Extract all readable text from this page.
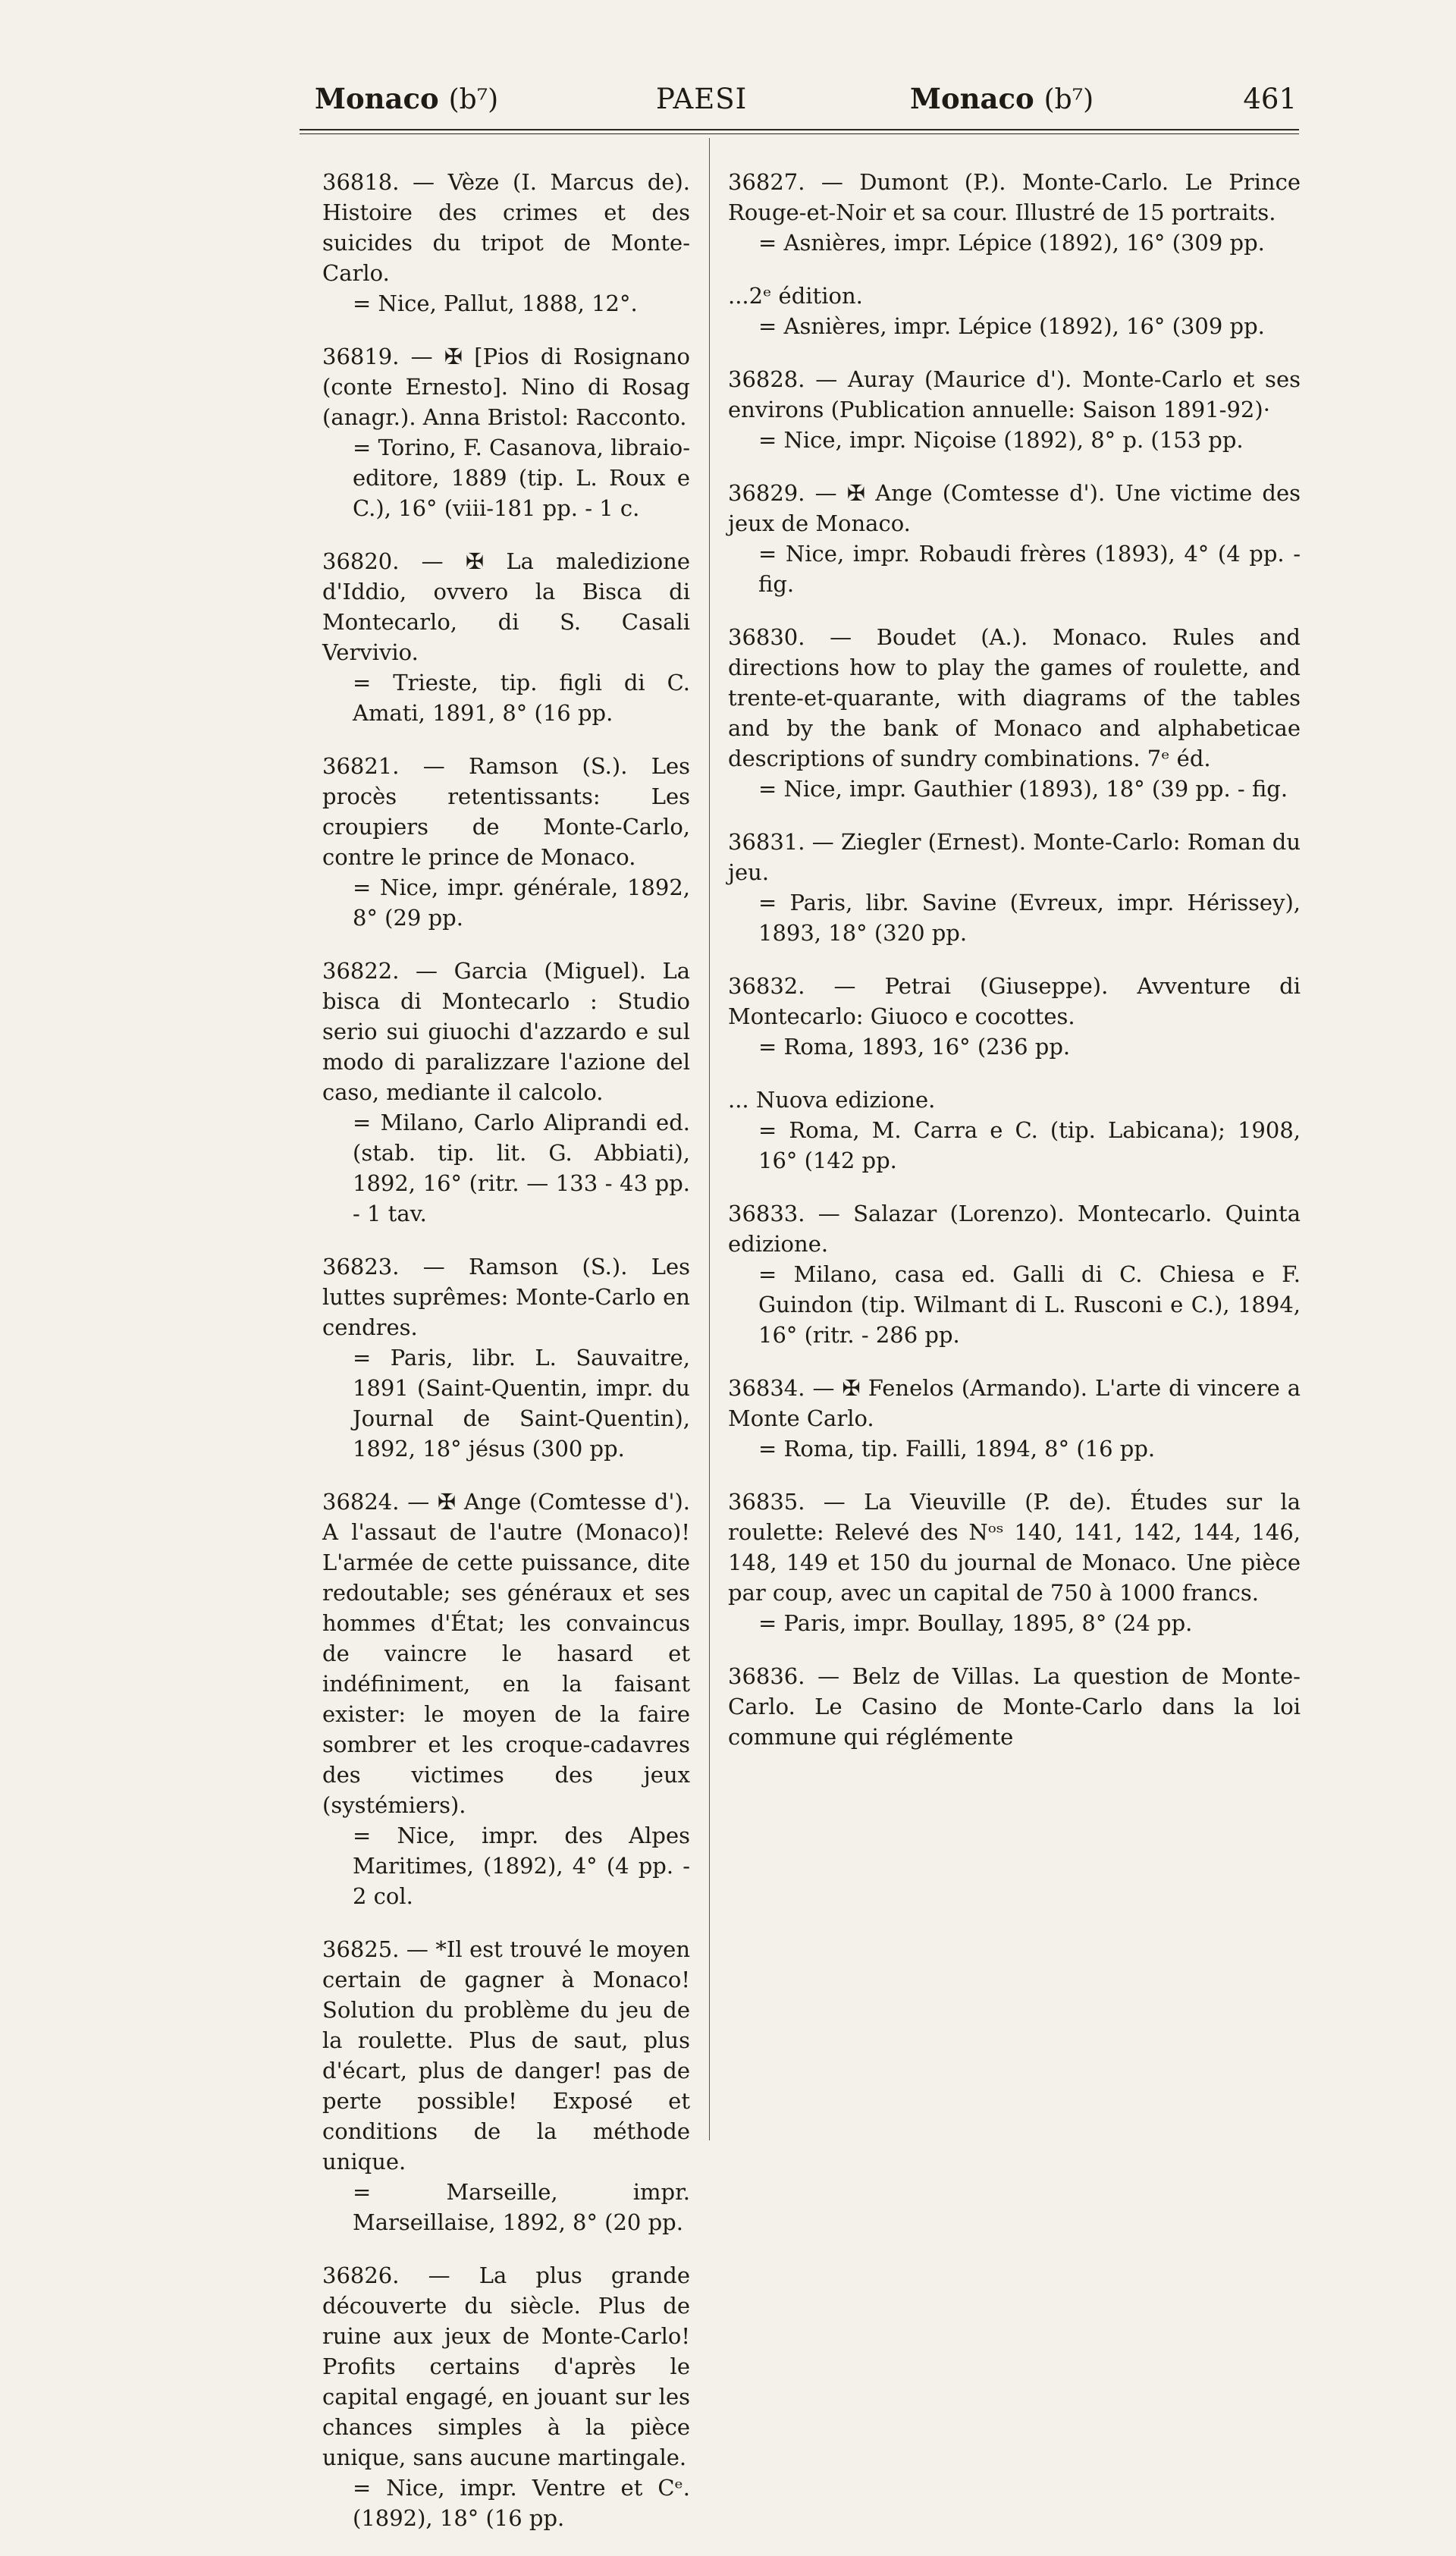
Monaco (b⁷)	PAESI	Monaco (b⁷)	461
36818. — Vèze (I. Marcus de). Histoire des crimes et des suicides du tripot de Monte-Carlo.
= Nice, Pallut, 1888, 12°.
36819. — ✠ [Pios di Rosignano (conte Ernesto]. Nino di Rosag (anagr.). Anna Bristol: Racconto.
= Torino, F. Casanova, libraio-editore, 1889 (tip. L. Roux e C.), 16° (viii-181 pp. - 1 c.
36820. — ✠ La maledizione d'Iddio, ovvero la Bisca di Montecarlo, di S. Casali Vervivio.
= Trieste, tip. figli di C. Amati, 1891, 8° (16 pp.
36821. — Ramson (S.). Les procès retentissants: Les croupiers de Monte-Carlo, contre le prince de Monaco.
= Nice, impr. générale, 1892, 8° (29 pp.
36822. — Garcia (Miguel). La bisca di Montecarlo : Studio serio sui giuochi d'azzardo e sul modo di paralizzare l'azione del caso, mediante il calcolo.
= Milano, Carlo Aliprandi ed. (stab. tip. lit. G. Abbiati), 1892, 16° (ritr. — 133 - 43 pp. - 1 tav.
36823. — Ramson (S.). Les luttes suprêmes: Monte-Carlo en cendres.
= Paris, libr. L. Sauvaitre, 1891 (Saint-Quentin, impr. du Journal de Saint-Quentin), 1892, 18° jésus (300 pp.
36824. — ✠ Ange (Comtesse d'). A l'assaut de l'autre (Monaco)! L'armée de cette puissance, dite redoutable; ses généraux et ses hommes d'État; les convaincus de vaincre le hasard et indéfiniment, en la faisant exister: le moyen de la faire sombrer et les croque-cadavres des victimes des jeux (systémiers).
= Nice, impr. des Alpes Maritimes, (1892), 4° (4 pp. - 2 col.
36825. — *Il est trouvé le moyen certain de gagner à Monaco! Solution du problème du jeu de la roulette. Plus de saut, plus d'écart, plus de danger! pas de perte possible! Exposé et conditions de la méthode unique.
= Marseille, impr. Marseillaise, 1892, 8° (20 pp.
36826. — La plus grande découverte du siècle. Plus de ruine aux jeux de Monte-Carlo! Profits certains d'après le capital engagé, en jouant sur les chances simples à la pièce unique, sans aucune martingale.
= Nice, impr. Ventre et Cᵉ. (1892), 18° (16 pp.
36827. — Dumont (P.). Monte-Carlo. Le Prince Rouge-et-Noir et sa cour. Illustré de 15 portraits.
= Asnières, impr. Lépice (1892), 16° (309 pp.
...2ᵉ édition.
= Asnières, impr. Lépice (1892), 16° (309 pp.
36828. — Auray (Maurice d'). Monte-Carlo et ses environs (Publication annuelle: Saison 1891-92)·
= Nice, impr. Niçoise (1892), 8° p. (153 pp.
36829. — ✠ Ange (Comtesse d'). Une victime des jeux de Monaco.
= Nice, impr. Robaudi frères (1893), 4° (4 pp. - fig.
36830. — Boudet (A.). Monaco. Rules and directions how to play the games of roulette, and trente-et-quarante, with diagrams of the tables and by the bank of Monaco and alphabeticae descriptions of sundry combinations. 7ᵉ éd.
= Nice, impr. Gauthier (1893), 18° (39 pp. - fig.
36831. — Ziegler (Ernest). Monte-Carlo: Roman du jeu.
= Paris, libr. Savine (Evreux, impr. Hérissey), 1893, 18° (320 pp.
36832. — Petrai (Giuseppe). Avventure di Montecarlo: Giuoco e cocottes.
= Roma, 1893, 16° (236 pp.
... Nuova edizione.
= Roma, M. Carra e C. (tip. Labicana); 1908, 16° (142 pp.
36833. — Salazar (Lorenzo). Montecarlo. Quinta edizione.
= Milano, casa ed. Galli di C. Chiesa e F. Guindon (tip. Wilmant di L. Rusconi e C.), 1894, 16° (ritr. - 286 pp.
36834. — ✠ Fenelos (Armando). L'arte di vincere a Monte Carlo.
= Roma, tip. Failli, 1894, 8° (16 pp.
36835. — La Vieuville (P. de). Études sur la roulette: Relevé des Nᵒˢ 140, 141, 142, 144, 146, 148, 149 et 150 du journal de Monaco. Une pièce par coup, avec un capital de 750 à 1000 francs.
= Paris, impr. Boullay, 1895, 8° (24 pp.
36836. — Belz de Villas. La question de Monte-Carlo. Le Casino de Monte-Carlo dans la loi commune qui réglémente
